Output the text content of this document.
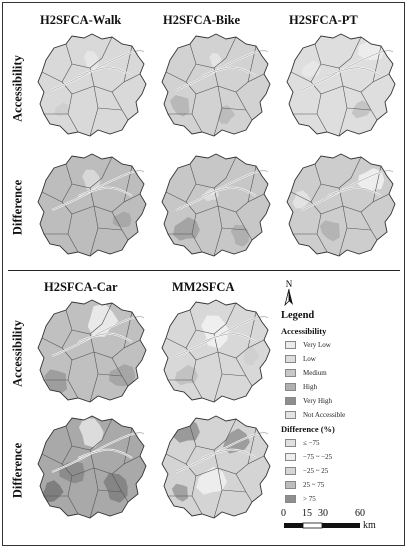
H2SFCA-Walk	H2SFCA-Bike	H2SFCA-PT
Accessibility
Difference
H2SFCA-Car	MM2SFCA
Accessibility
Difference
N
Legend
Accessibility
Very Low
Low
Medium
High
Very High
Not Accessible
Difference (%)
≤ −75
−75 ~ −25
−25 ~ 25
25 ~ 75
> 75
0 15 30	60
km
